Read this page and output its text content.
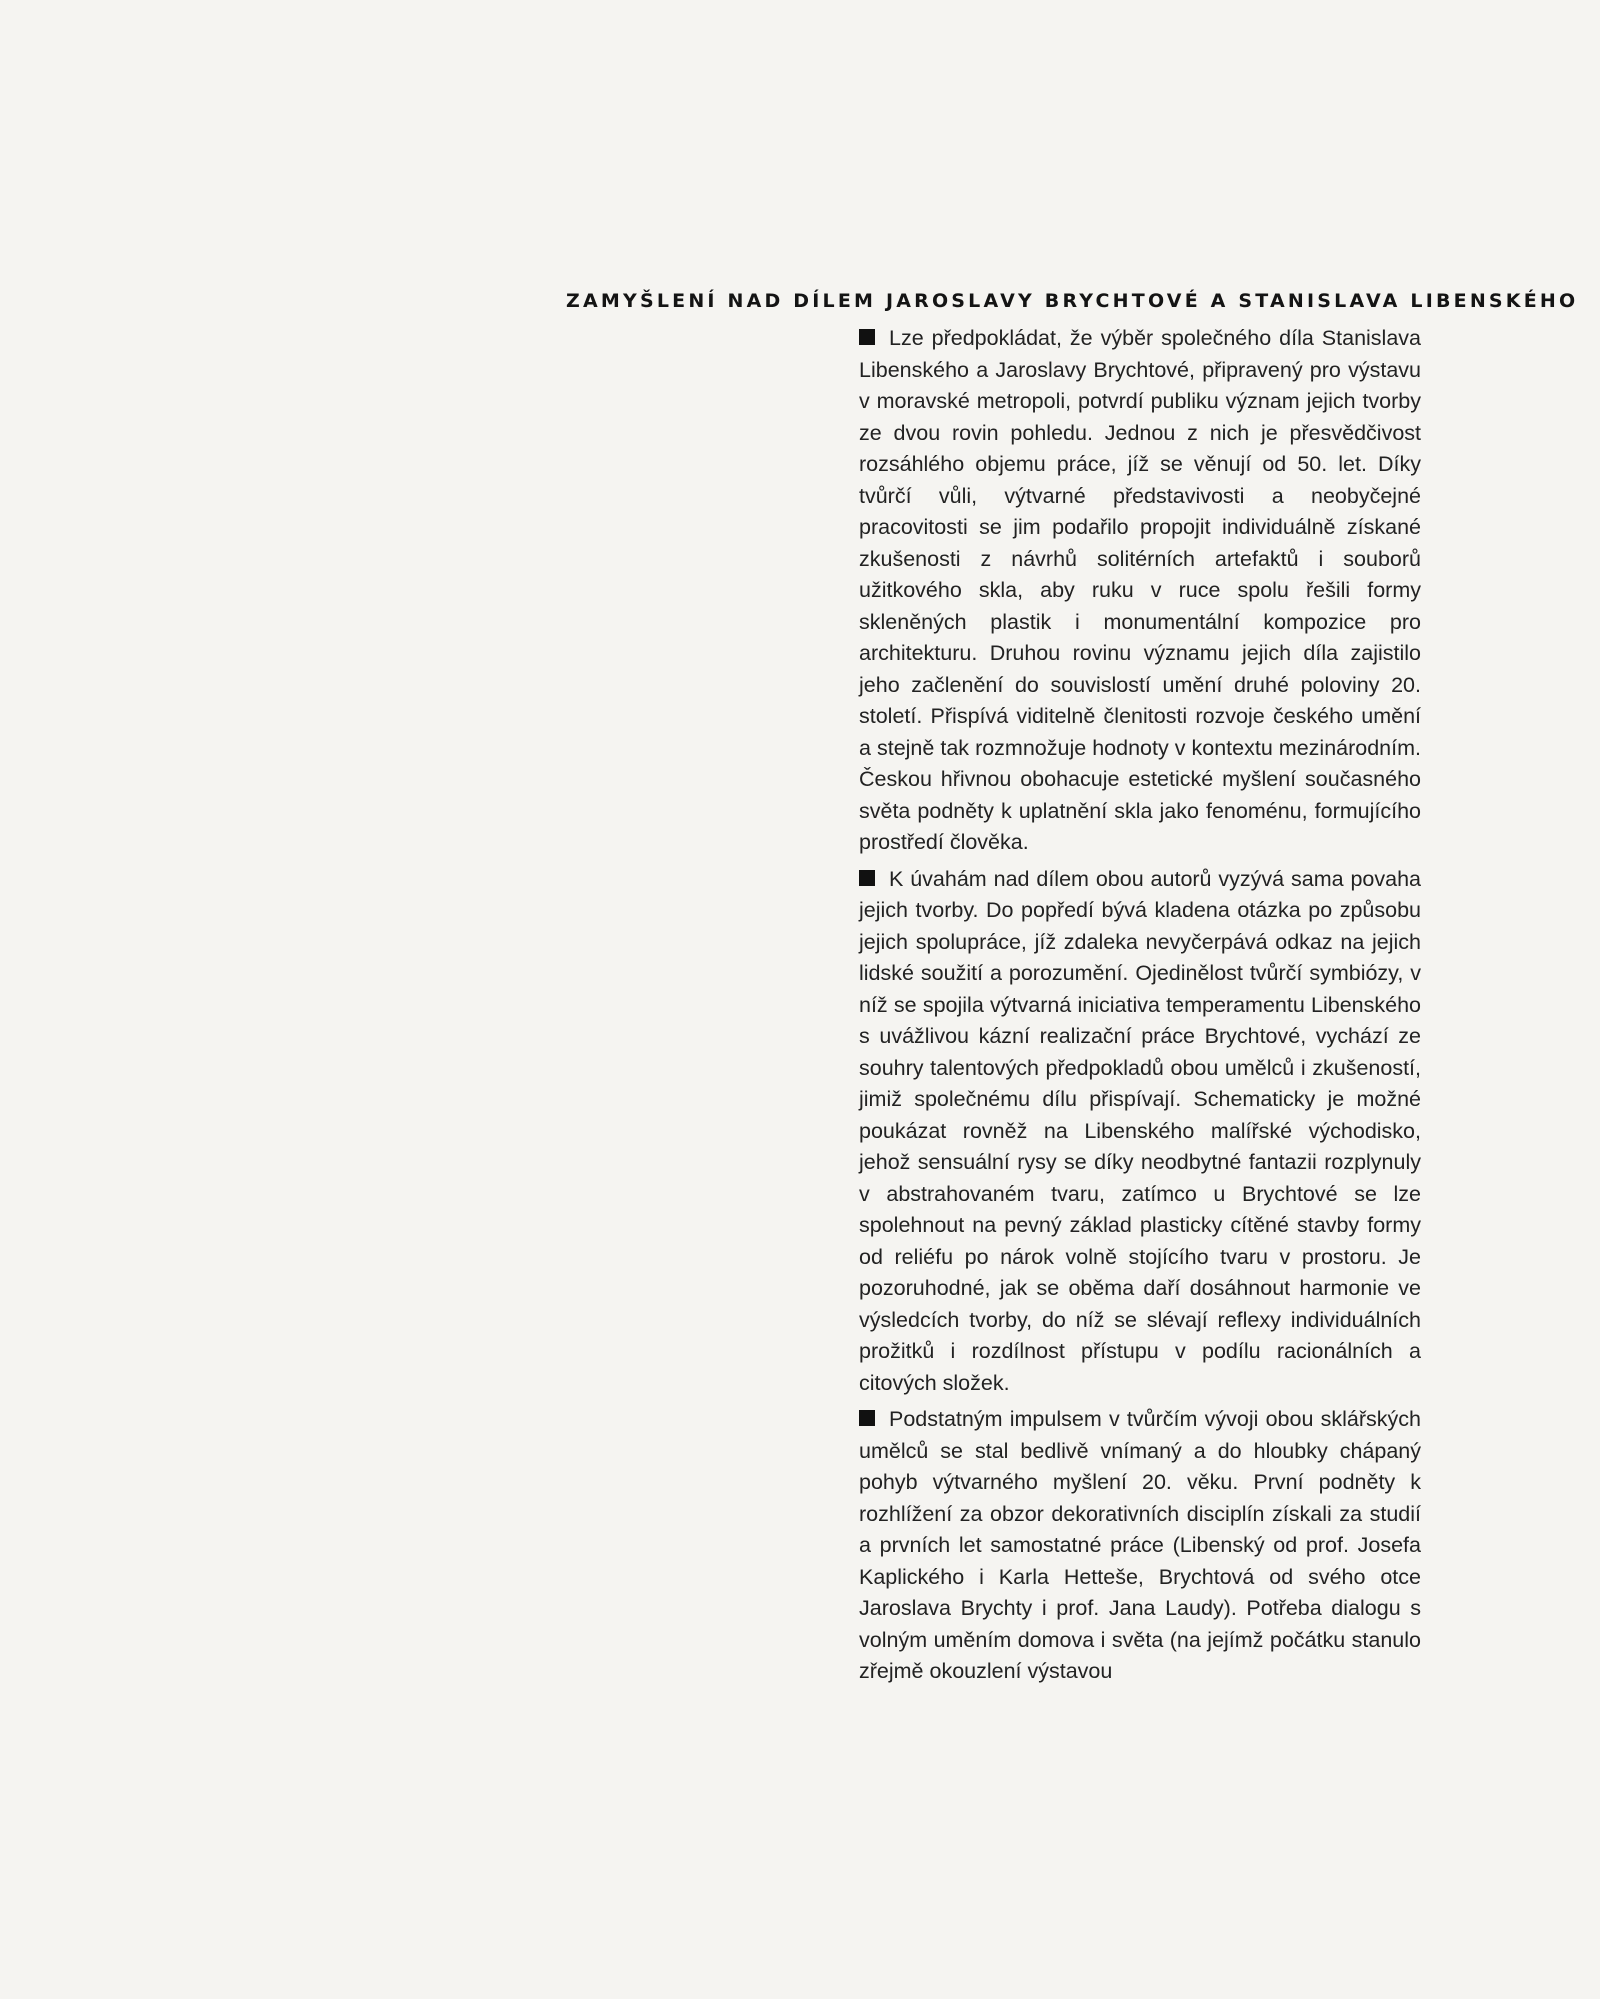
ZAMYŠLENÍ NAD DÍLEM JAROSLAVY BRYCHTOVÉ A STANISLAVA LIBENSKÉHO

Lze předpokládat, že výběr společného díla Stanislava Libenského a Jaroslavy Brychtové, připravený pro výstavu v moravské metropoli, potvrdí publiku význam jejich tvorby ze dvou rovin pohledu. Jednou z nich je přesvědčivost rozsáhlého objemu práce, jíž se věnují od 50. let. Díky tvůrčí vůli, výtvarné představivosti a neobyčejné pracovitosti se jim podařilo propojit individuálně získané zkušenosti z návrhů solitérních artefaktů i souborů užitkového skla, aby ruku v ruce spolu řešili formy skleněných plastik i monumentální kompozice pro architekturu. Druhou rovinu významu jejich díla zajistilo jeho začlenění do souvislostí umění druhé poloviny 20. století. Přispívá viditelně členitosti rozvoje českého umění a stejně tak rozmnožuje hodnoty v kontextu mezinárodním. Českou hřivnou obohacuje estetické myšlení současného světa podněty k uplatnění skla jako fenoménu, formujícího prostředí člověka.

K úvahám nad dílem obou autorů vyzývá sama povaha jejich tvorby. Do popředí bývá kladena otázka po způsobu jejich spolupráce, jíž zdaleka nevyčerpává odkaz na jejich lidské soužití a porozumění. Ojedinělost tvůrčí symbiózy, v níž se spojila výtvarná iniciativa temperamentu Libenského s uvážlivou kázní realizační práce Brychtové, vychází ze souhry talentových předpokladů obou umělců i zkušeností, jimiž společnému dílu přispívají. Schematicky je možné poukázat rovněž na Libenského malířské východisko, jehož sensuální rysy se díky neodbytné fantazii rozplynuly v abstrahovaném tvaru, zatímco u Brychtové se lze spolehnout na pevný základ plasticky cítěné stavby formy od reliéfu po nárok volně stojícího tvaru v prostoru. Je pozoruhodné, jak se oběma daří dosáhnout harmonie ve výsledcích tvorby, do níž se slévají reflexy individuálních prožitků i rozdílnost přístupu v podílu racionálních a citových složek.

Podstatným impulsem v tvůrčím vývoji obou sklářských umělců se stal bedlivě vnímaný a do hloubky chápaný pohyb výtvarného myšlení 20. věku. První podněty k rozhlížení za obzor dekorativních disciplín získali za studií a prvních let samostatné práce (Libenský od prof. Josefa Kaplického i Karla Hetteše, Brychtová od svého otce Jaroslava Brychty i prof. Jana Laudy). Potřeba dialogu s volným uměním domova i světa (na jejímž počátku stanulo zřejmě okouzlení výstavou
